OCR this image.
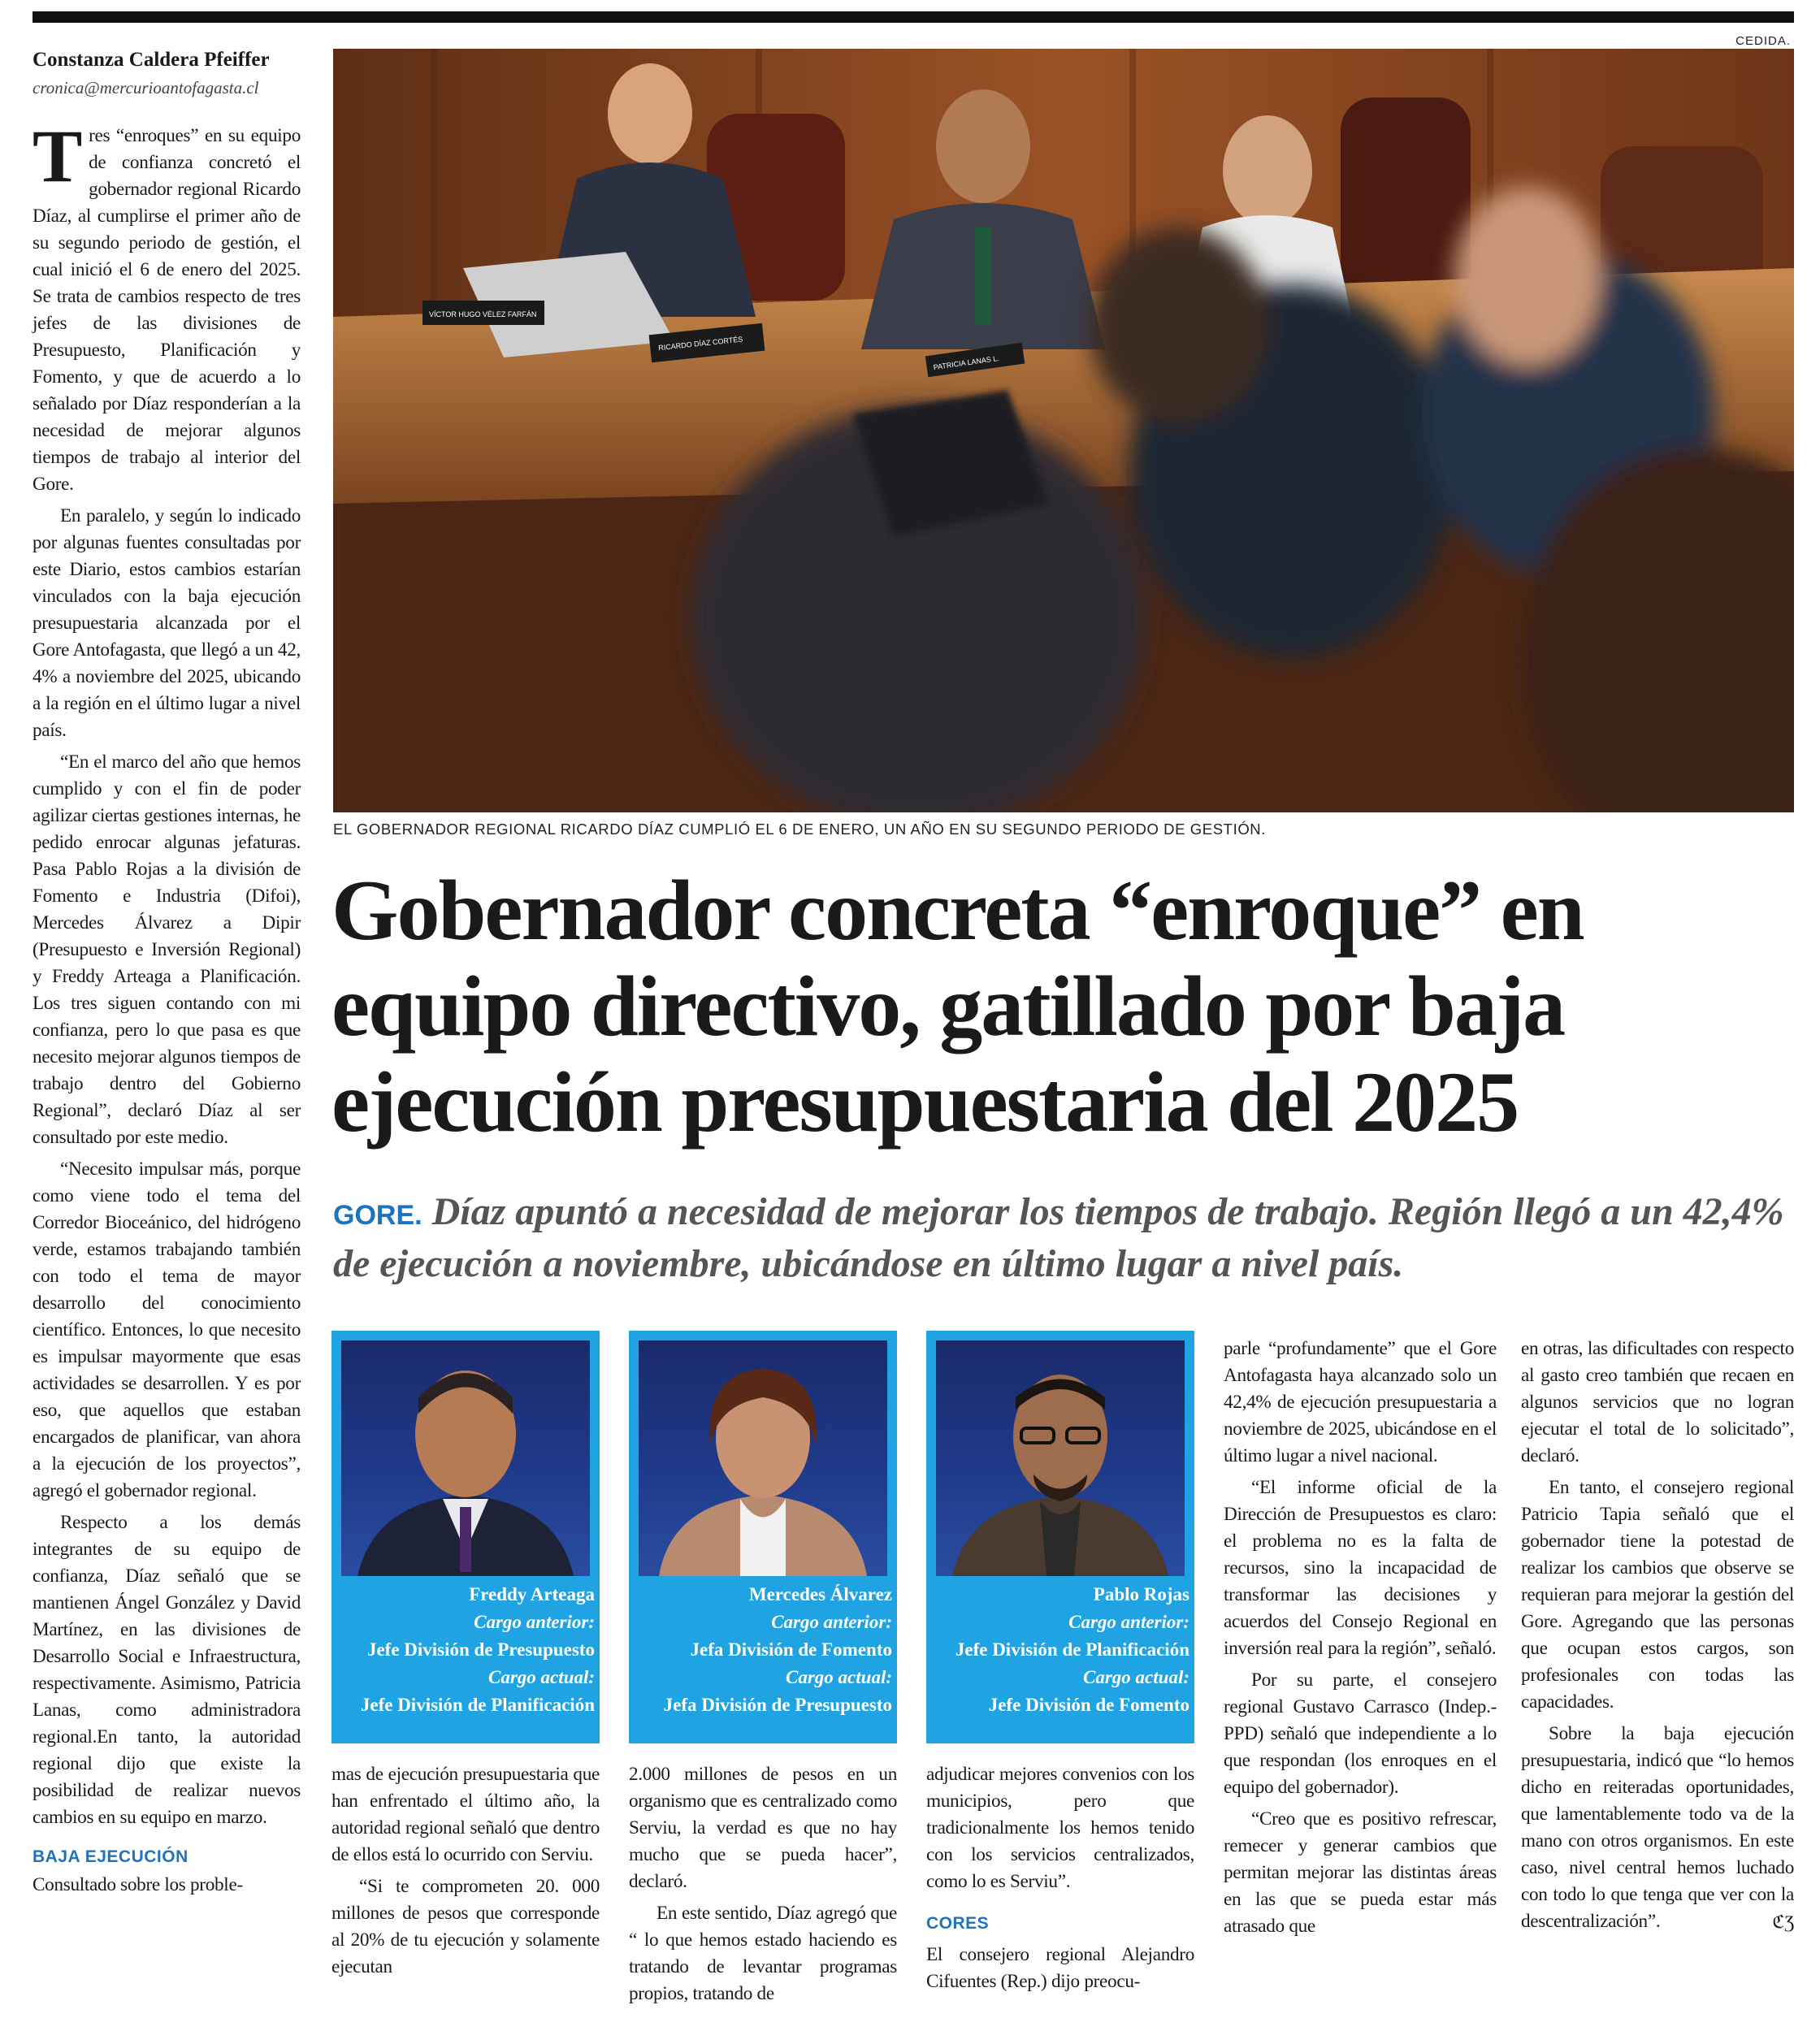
CEDIDA.

Constanza Caldera Pfeiffer

cronica@mercurioantofagasta.cl

Tres “enroques” en su equipo de confianza concretó el gobernador regional Ricardo Díaz, al cumplirse el primer año de su segundo periodo de gestión, el cual inició el 6 de enero del 2025. Se trata de cambios respecto de tres jefes de las divisiones de Presupuesto, Planificación y Fomento, y que de acuerdo a lo señalado por Díaz responderían a la necesidad de mejorar algunos tiempos de trabajo al interior del Gore.

En paralelo, y según lo indicado por algunas fuentes consultadas por este Diario, estos cambios estarían vinculados con la baja ejecución presupuestaria alcanzada por el Gore Antofagasta, que llegó a un 42, 4% a noviembre del 2025, ubicando a la región en el último lugar a nivel país.

“En el marco del año que hemos cumplido y con el fin de poder agilizar ciertas gestiones internas, he pedido enrocar algunas jefaturas. Pasa Pablo Rojas a la división de Fomento e Industria (Difoi), Mercedes Álvarez a Dipir (Presupuesto e Inversión Regional) y Freddy Arteaga a Planificación. Los tres siguen contando con mi confianza, pero lo que pasa es que necesito mejorar algunos tiempos de trabajo dentro del Gobierno Regional”, declaró Díaz al ser consultado por este medio.

“Necesito impulsar más, porque como viene todo el tema del Corredor Bioceánico, del hidrógeno verde, estamos trabajando también con todo el tema de mayor desarrollo del conocimiento científico. Entonces, lo que necesito es impulsar mayormente que esas actividades se desarrollen. Y es por eso, que aquellos que estaban encargados de planificar, van ahora a la ejecución de los proyectos”, agregó el gobernador regional.

Respecto a los demás integrantes de su equipo de confianza, Díaz señaló que se mantienen Ángel González y David Martínez, en las divisiones de Desarrollo Social e Infraestructura, respectivamente. Asimismo, Patricia Lanas, como administradora regional.En tanto, la autoridad regional dijo que existe la posibilidad de realizar nuevos cambios en su equipo en marzo.

BAJA EJECUCIÓN

Consultado sobre los proble-

VÍCTOR HUGO VÉLEZ FARFÁN
RICARDO DÍAZ CORTÉS
PATRICIA LANAS L.
EL GOBERNADOR REGIONAL RICARDO DÍAZ CUMPLIÓ EL 6 DE ENERO, UN AÑO EN SU SEGUNDO PERIODO DE GESTIÓN.
Gobernador concreta “enroque” en equipo directivo, gatillado por baja ejecución presupuestaria del 2025

GORE. Díaz apuntó a necesidad de mejorar los tiempos de trabajo. Región llegó a un 42,4% de ejecución a noviembre, ubicándose en último lugar a nivel país.

Freddy Arteaga
Cargo anterior:
Jefe División de Presupuesto
Cargo actual:
Jefe División de Planificación
Mercedes Álvarez
Cargo anterior:
Jefa División de Fomento
Cargo actual:
Jefa División de Presupuesto
Pablo Rojas
Cargo anterior:
Jefe División de Planificación
Cargo actual:
Jefe División de Fomento

mas de ejecución presupuestaria que han enfrentado el último año, la autoridad regional señaló que dentro de ellos está lo ocurrido con Serviu.

“Si te comprometen 20. 000 millones de pesos que corresponde al 20% de tu ejecución y solamente ejecutan

2.000 millones de pesos en un organismo que es centralizado como Serviu, la verdad es que no hay mucho que se pueda hacer”, declaró.

En este sentido, Díaz agregó que “ lo que hemos estado haciendo es tratando de levantar programas propios, tratando de

adjudicar mejores convenios con los municipios, pero que tradicionalmente los hemos tenido con los servicios centralizados, como lo es Serviu”.

CORES

El consejero regional Alejandro Cifuentes (Rep.) dijo preocu-

parle “profundamente” que el Gore Antofagasta haya alcanzado solo un 42,4% de ejecución presupuestaria a noviembre de 2025, ubicándose en el último lugar a nivel nacional.

“El informe oficial de la Dirección de Presupuestos es claro: el problema no es la falta de recursos, sino la incapacidad de transformar las decisiones y acuerdos del Consejo Regional en inversión real para la región”, señaló.

Por su parte, el consejero regional Gustavo Carrasco (Indep.-PPD) señaló que independiente a lo que respondan (los enroques en el equipo del gobernador).

“Creo que es positivo refrescar, remecer y generar cambios que permitan mejorar las distintas áreas en las que se pueda estar más atrasado que

en otras, las dificultades con respecto al gasto creo también que recaen en algunos servicios que no logran ejecutar el total de lo solicitado”, declaró.

En tanto, el consejero regional Patricio Tapia señaló que el gobernador tiene la potestad de realizar los cambios que observe se requieran para mejorar la gestión del Gore. Agregando que las personas que ocupan estos cargos, son profesionales con todas las capacidades.

Sobre la baja ejecución presupuestaria, indicó que “lo hemos dicho en reiteradas oportunidades, que lamentablemente todo va de la mano con otros organismos. En este caso, nivel central hemos luchado con todo lo que tenga que ver con la descentralización”.	ℭƷ
